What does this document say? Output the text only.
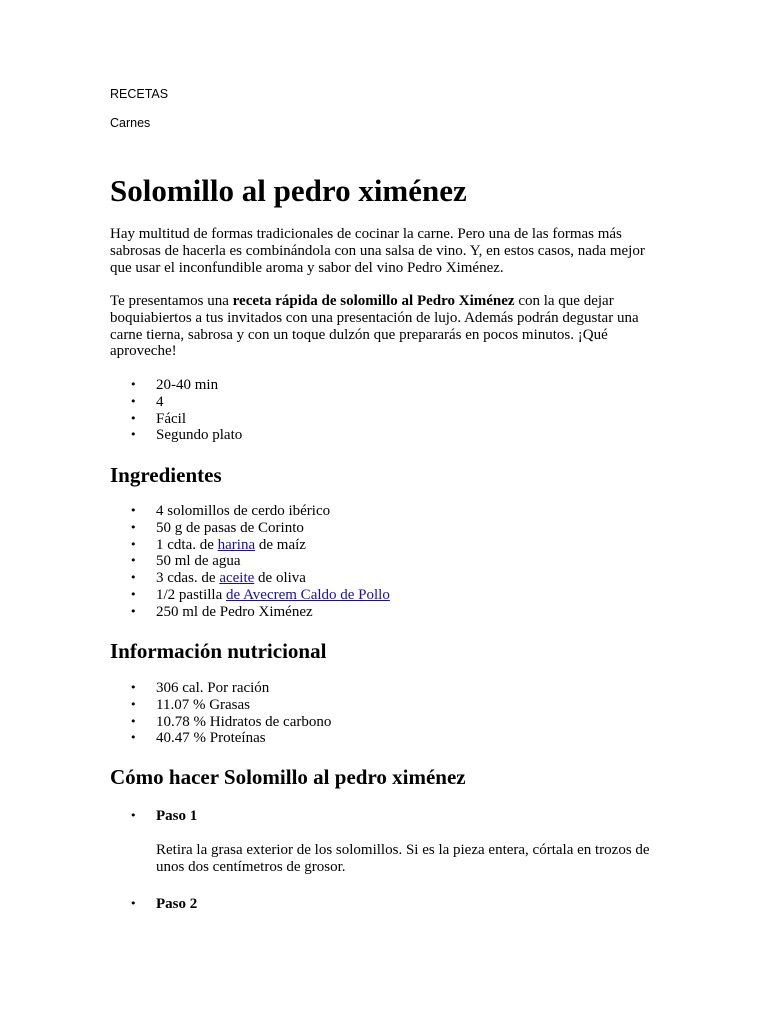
RECETAS

Carnes

Solomillo al pedro ximénez

Hay multitud de formas tradicionales de cocinar la carne. Pero una de las formas más sabrosas de hacerla es combinándola con una salsa de vino. Y, en estos casos, nada mejor que usar el inconfundible aroma y sabor del vino Pedro Ximénez.

Te presentamos una receta rápida de solomillo al Pedro Ximénez con la que dejar boquiabiertos a tus invitados con una presentación de lujo. Además podrán degustar una carne tierna, sabrosa y con un toque dulzón que prepararás en pocos minutos. ¡Qué aproveche!

• 20-40 min
• 4
• Fácil
• Segundo plato
Ingredientes
• 4 solomillos de cerdo ibérico
• 50 g de pasas de Corinto
• 1 cdta. de harina de maíz
• 50 ml de agua
• 3 cdas. de aceite de oliva
• 1/2 pastilla de Avecrem Caldo de Pollo
• 250 ml de Pedro Ximénez
Información nutricional
• 306 cal. Por ración
• 11.07 % Grasas
• 10.78 % Hidratos de carbono
• 40.47 % Proteínas
Cómo hacer Solomillo al pedro ximénez
• Paso 1

Retira la grasa exterior de los solomillos. Si es la pieza entera, córtala en trozos de unos dos centímetros de grosor.

• Paso 2
